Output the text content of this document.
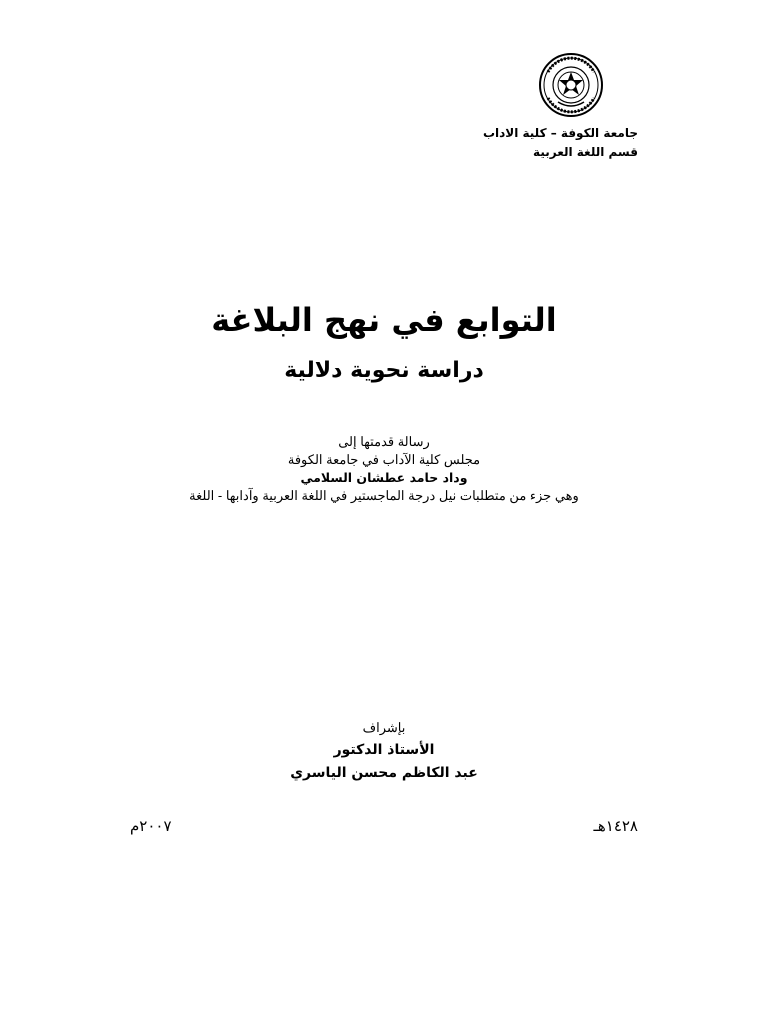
جامعة الكوفة – كلية الاداب
قسم اللغة العربية
التوابع في نهج البلاغة
دراسة نحوية دلالية
رسالة قدمتها إلى
مجلس كلية الآداب في جامعة الكوفة
وداد حامد عطشان السلامي
وهي جزء من متطلبات نيل درجة الماجستير في اللغة العربية وآدابها - اللغة
بإشراف
الأستاذ الدكتور
عبد الكاظم محسن الياسري
١٤٢٨هـ
٢٠٠٧م
